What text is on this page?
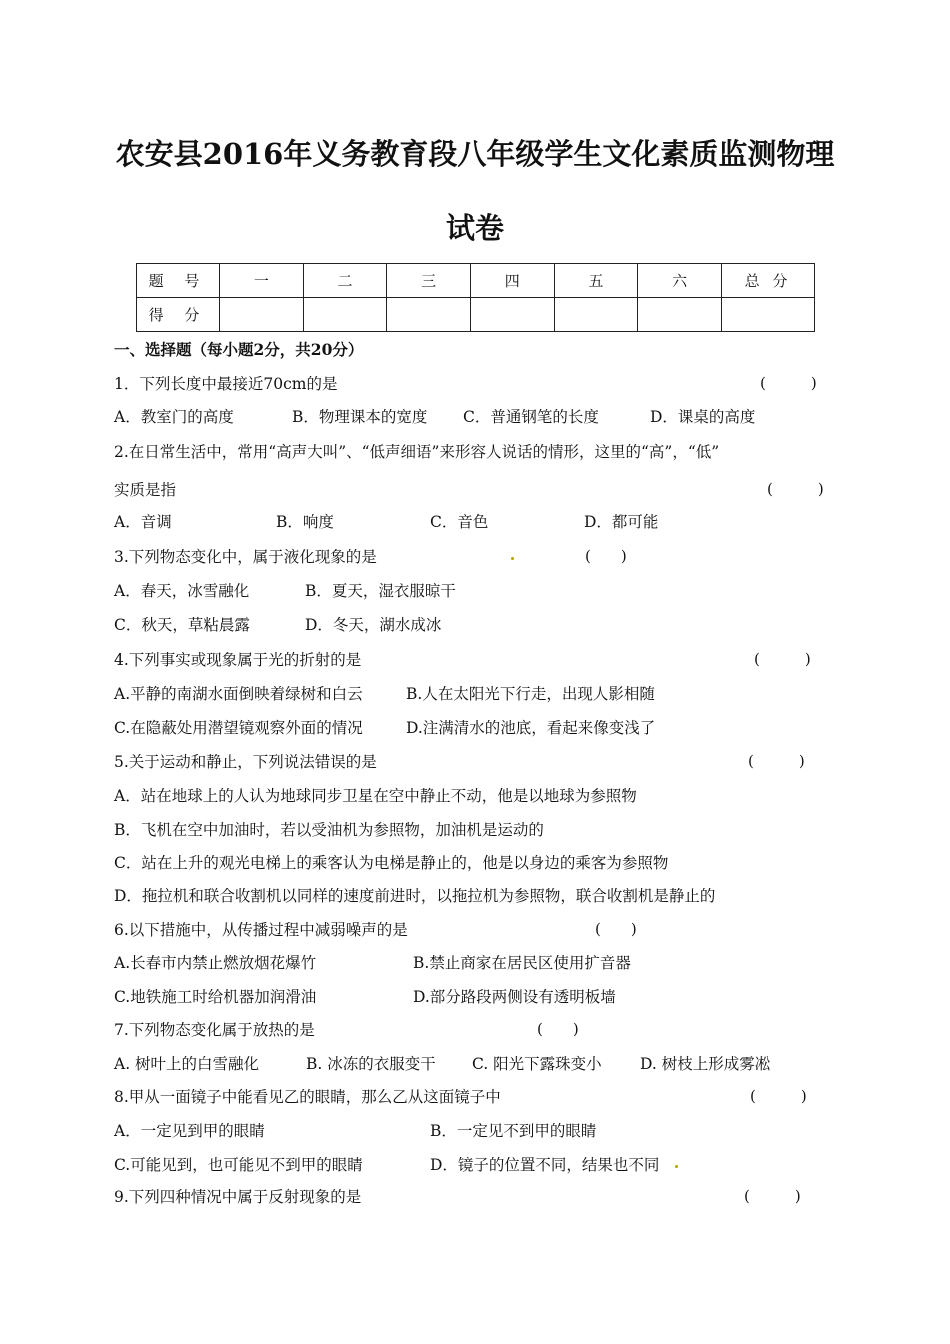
农安县2016年义务教育段八年级学生文化素质监测物理
试卷
题 号	一	二	三	四	五	六	总 分
得 分							
一、选择题（每小题2分，共20分）
1．下列长度中最接近70cm的是	(　　　)
A．教室门的高度	B．物理课本的宽度 C．普通钢笔的长度	D．课桌的高度
2.在日常生活中，常用“高声大叫”、“低声细语”来形容人说话的情形，这里的“高”，“低”
实质是指	(　　　)
A．音调	B．响度	C．音色	D．都可能
3.下列物态变化中，属于液化现象的是	(　　)
A．春天，冰雪融化	B．夏天，湿衣服晾干
C．秋天，草粘晨露	D．冬天，湖水成冰
4.下列事实或现象属于光的折射的是	(　　　)
A.平静的南湖水面倒映着绿树和白云	B.人在太阳光下行走，出现人影相随
C.在隐蔽处用潜望镜观察外面的情况	D.注满清水的池底，看起来像变浅了
5.关于运动和静止，下列说法错误的是	(　　　)
A．站在地球上的人认为地球同步卫星在空中静止不动，他是以地球为参照物
B．飞机在空中加油时，若以受油机为参照物，加油机是运动的
C．站在上升的观光电梯上的乘客认为电梯是静止的，他是以身边的乘客为参照物
D．拖拉机和联合收割机以同样的速度前进时，以拖拉机为参照物，联合收割机是静止的
6.以下措施中，从传播过程中减弱噪声的是	(　　)
A.长春市内禁止燃放烟花爆竹	B.禁止商家在居民区使用扩音器
C.地铁施工时给机器加润滑油	D.部分路段两侧设有透明板墙
7.下列物态变化属于放热的是	(　　)
A. 树叶上的白雪融化	B. 冰冻的衣服变干 C. 阳光下露珠变小 D. 树枝上形成雾凇
8.甲从一面镜子中能看见乙的眼睛，那么乙从这面镜子中	(　　　)
A．一定见到甲的眼睛	B．一定见不到甲的眼睛
C.可能见到，也可能见不到甲的眼睛	D．镜子的位置不同，结果也不同
9.下列四种情况中属于反射现象的是	(　　　)
